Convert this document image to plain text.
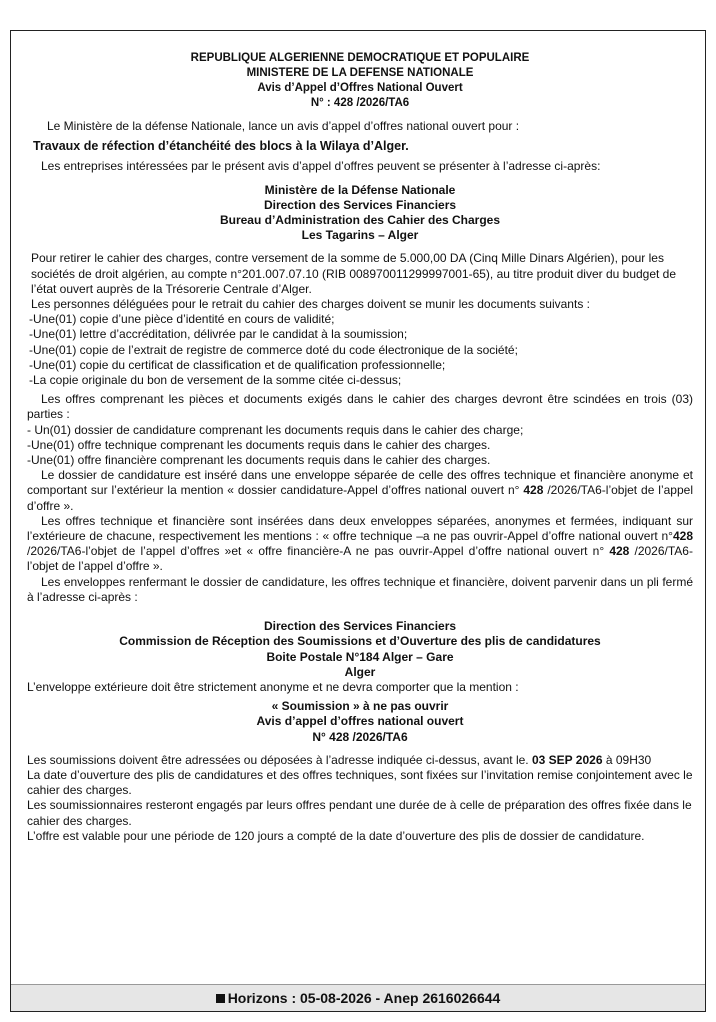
REPUBLIQUE ALGERIENNE DEMOCRATIQUE ET POPULAIRE
MINISTERE DE LA DEFENSE NATIONALE
Avis d’Appel d’Offres National Ouvert
N° : 428 /2026/TA6

Le Ministère de la défense Nationale, lance un avis d’appel d’offres national ouvert pour :

Travaux de réfection d’étanchéité des blocs à la Wilaya d’Alger.

Les entreprises intéressées par le présent avis d’appel d’offres peuvent se présenter à l’adresse ci-après:

Ministère de la Défense Nationale
Direction des Services Financiers
Bureau d’Administration des Cahier des Charges
Les Tagarins – Alger

Pour retirer le cahier des charges, contre versement de la somme de 5.000,00 DA (Cinq Mille Dinars Algérien), pour les sociétés de droit algérien, au compte n°201.007.07.10 (RIB 008970011299997001-65), au titre produit diver du budget de l’état ouvert auprès de la Trésorerie Centrale d’Alger.

Les personnes déléguées pour le retrait du cahier des charges doivent se munir les documents suivants :

-Une(01) copie d’une pièce d’identité en cours de validité;
-Une(01) lettre d’accréditation, délivrée par le candidat à la soumission;
-Une(01) copie de l’extrait de registre de commerce doté du code électronique de la société;
-Une(01) copie du certificat de classification et de qualification professionnelle;
-La copie originale du bon de versement de la somme citée ci-dessus;

Les offres comprenant les pièces et documents exigés dans le cahier des charges devront être scindées en trois (03) parties :

- Un(01) dossier de candidature comprenant les documents requis dans le cahier des charge;
-Une(01) offre technique comprenant les documents requis dans le cahier des charges.
-Une(01) offre financière comprenant les documents requis dans le cahier des charges.

Le dossier de candidature est inséré dans une enveloppe séparée de celle des offres technique et financière anonyme et comportant sur l’extérieur la mention « dossier candidature-Appel d’offres national ouvert n° 428 /2026/TA6-l’objet de l’appel d’offre ».

Les offres technique et financière sont insérées dans deux enveloppes séparées, anonymes et fermées, indiquant sur l’extérieure de chacune, respectivement les mentions : « offre technique –a ne pas ouvrir-Appel d’offre national ouvert n°428 /2026/TA6-l’objet de l’appel d’offres »et « offre financière-A ne pas ouvrir-Appel d’offre national ouvert n° 428 /2026/TA6-l’objet de l’appel d’offre ».

Les enveloppes renfermant le dossier de candidature, les offres technique et financière, doivent parvenir dans un pli fermé à l’adresse ci-après :

Direction des Services Financiers
Commission de Réception des Soumissions et d’Ouverture des plis de candidatures
Boite Postale N°184 Alger – Gare
Alger

L’enveloppe extérieure doit être strictement anonyme et ne devra comporter que la mention :

« Soumission » à ne pas ouvrir
Avis d’appel d’offres national ouvert
N° 428 /2026/TA6

Les soumissions doivent être adressées ou déposées à l’adresse indiquée ci-dessus, avant le. 03 SEP 2026 à 09H30

La date d’ouverture des plis de candidatures et des offres techniques, sont fixées sur l’invitation remise conjointement avec le cahier des charges.

Les soumissionnaires resteront engagés par leurs offres pendant une durée de à celle de préparation des offres fixée dans le cahier des charges.

L’offre est valable pour une période de 120 jours a compté de la date d’ouverture des plis de dossier de candidature.

Horizons : 05-08-2026 - Anep 2616026644
